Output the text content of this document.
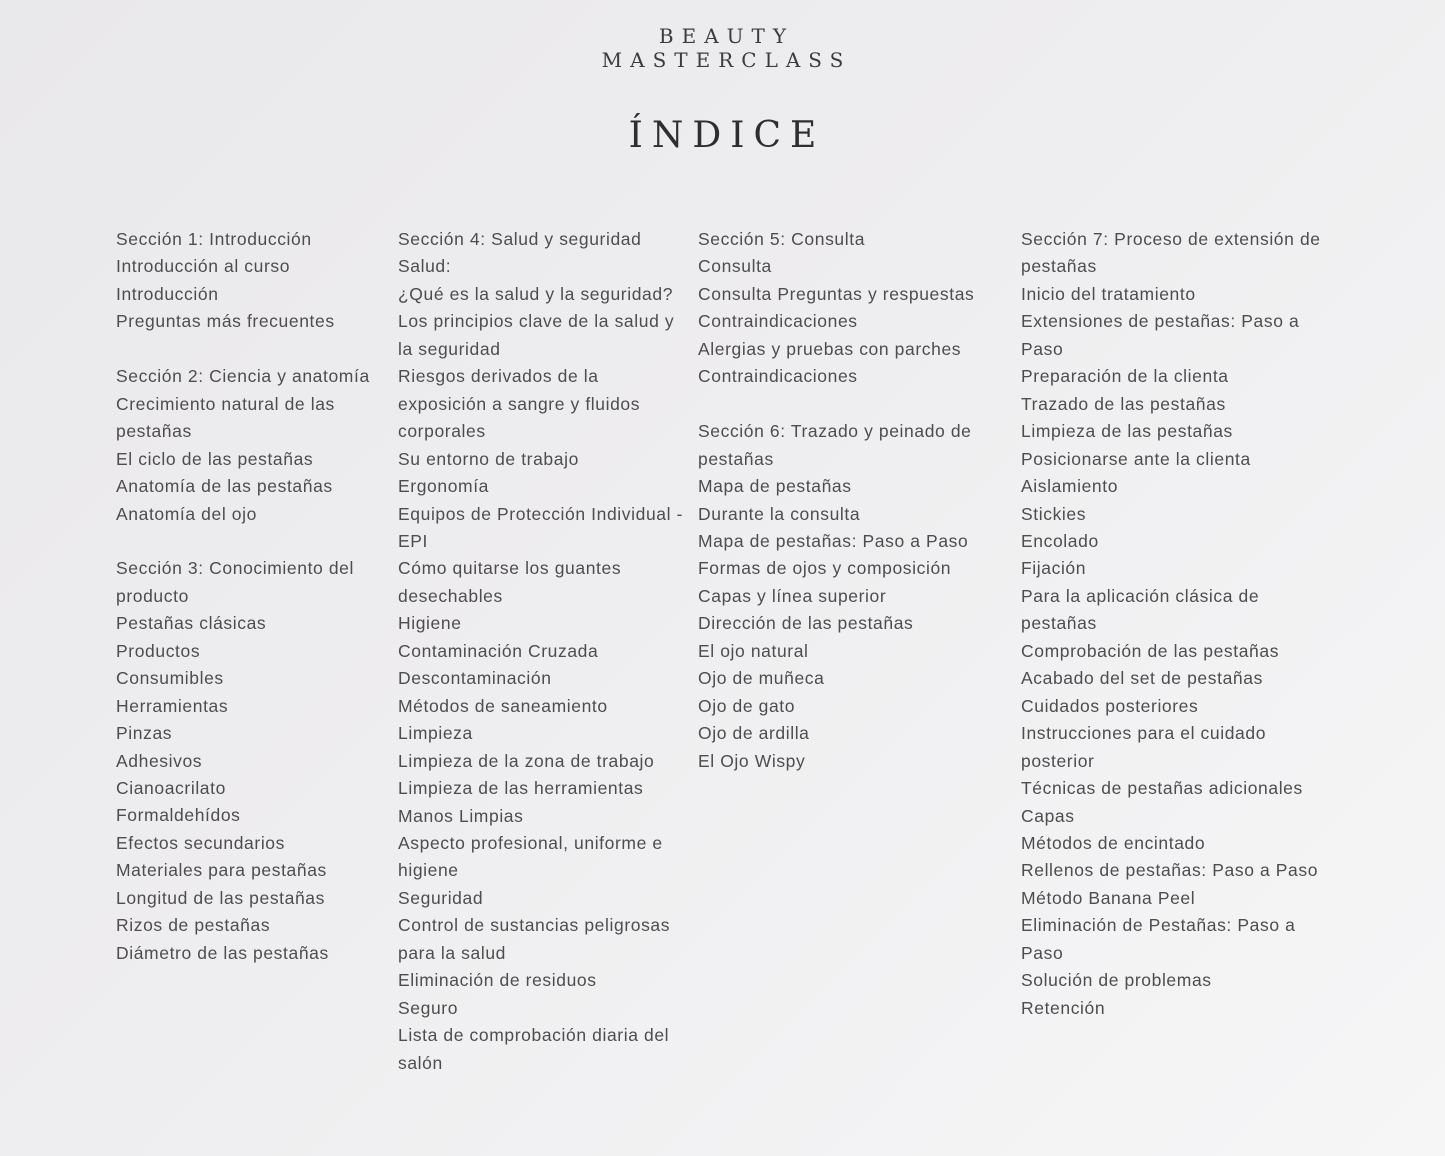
BEAUTY
MASTERCLASS
ÍNDICE
Sección 1: Introducción
Introducción al curso
Introducción
Preguntas más frecuentes
Sección 2: Ciencia y anatomía
Crecimiento natural de las pestañas
El ciclo de las pestañas
Anatomía de las pestañas
Anatomía del ojo
Sección 3: Conocimiento del producto
Pestañas clásicas
Productos
Consumibles
Herramientas
Pinzas
Adhesivos
Cianoacrilato
Formaldehídos
Efectos secundarios
Materiales para pestañas
Longitud de las pestañas
Rizos de pestañas
Diámetro de las pestañas
Sección 4: Salud y seguridad
Salud:
¿Qué es la salud y la seguridad?
Los principios clave de la salud y la seguridad
Riesgos derivados de la exposición a sangre y fluidos corporales
Su entorno de trabajo
Ergonomía
Equipos de Protección Individual - EPI
Cómo quitarse los guantes desechables
Higiene
Contaminación Cruzada
Descontaminación
Métodos de saneamiento
Limpieza
Limpieza de la zona de trabajo
Limpieza de las herramientas
Manos Limpias
Aspecto profesional, uniforme e higiene
Seguridad
Control de sustancias peligrosas para la salud
Eliminación de residuos
Seguro
Lista de comprobación diaria del salón
Sección 5: Consulta
Consulta
Consulta Preguntas y respuestas
Contraindicaciones
Alergias y pruebas con parches
Contraindicaciones
Sección 6: Trazado y peinado de pestañas
Mapa de pestañas
Durante la consulta
Mapa de pestañas: Paso a Paso
Formas de ojos y composición
Capas y línea superior
Dirección de las pestañas
El ojo natural
Ojo de muñeca
Ojo de gato
Ojo de ardilla
El Ojo Wispy
Sección 7: Proceso de extensión de pestañas
Inicio del tratamiento
Extensiones de pestañas: Paso a Paso
Preparación de la clienta
Trazado de las pestañas
Limpieza de las pestañas
Posicionarse ante la clienta
Aislamiento
Stickies
Encolado
Fijación
Para la aplicación clásica de pestañas
Comprobación de las pestañas
Acabado del set de pestañas
Cuidados posteriores
Instrucciones para el cuidado posterior
Técnicas de pestañas adicionales
Capas
Métodos de encintado
Rellenos de pestañas: Paso a Paso
Método Banana Peel
Eliminación de Pestañas: Paso a Paso
Solución de problemas
Retención
